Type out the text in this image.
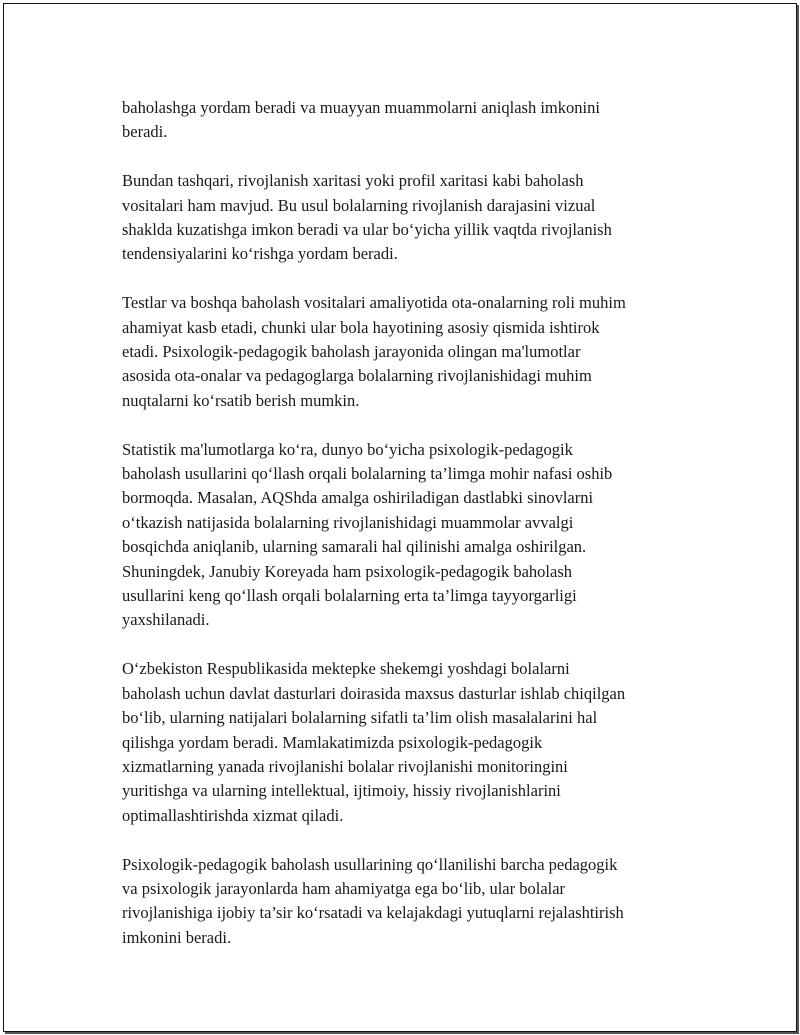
baholashga yordam beradi va muayyan muammolarni aniqlash imkonini
beradi.

Bundan tashqari, rivojlanish xaritasi yoki profil xaritasi kabi baholash
vositalari ham mavjud. Bu usul bolalarning rivojlanish darajasini vizual
shaklda kuzatishga imkon beradi va ular bo‘yicha yillik vaqtda rivojlanish
tendensiyalarini ko‘rishga yordam beradi.

Testlar va boshqa baholash vositalari amaliyotida ota-onalarning roli muhim
ahamiyat kasb etadi, chunki ular bola hayotining asosiy qismida ishtirok
etadi. Psixologik-pedagogik baholash jarayonida olingan ma'lumotlar
asosida ota-onalar va pedagoglarga bolalarning rivojlanishidagi muhim
nuqtalarni ko‘rsatib berish mumkin.

Statistik ma'lumotlarga ko‘ra, dunyo bo‘yicha psixologik-pedagogik
baholash usullarini qo‘llash orqali bolalarning ta’limga mohir nafasi oshib
bormoqda. Masalan, AQShda amalga oshiriladigan dastlabki sinovlarni
o‘tkazish natijasida bolalarning rivojlanishidagi muammolar avvalgi
bosqichda aniqlanib, ularning samarali hal qilinishi amalga oshirilgan.
Shuningdek, Janubiy Koreyada ham psixologik-pedagogik baholash
usullarini keng qo‘llash orqali bolalarning erta ta’limga tayyorgarligi
yaxshilanadi.

O‘zbekiston Respublikasida mektepke shekemgi yoshdagi bolalarni
baholash uchun davlat dasturlari doirasida maxsus dasturlar ishlab chiqilgan
bo‘lib, ularning natijalari bolalarning sifatli ta’lim olish masalalarini hal
qilishga yordam beradi. Mamlakatimizda psixologik-pedagogik
xizmatlarning yanada rivojlanishi bolalar rivojlanishi monitoringini
yuritishga va ularning intellektual, ijtimoiy, hissiy rivojlanishlarini
optimallashtirishda xizmat qiladi.

Psixologik-pedagogik baholash usullarining qo‘llanilishi barcha pedagogik
va psixologik jarayonlarda ham ahamiyatga ega bo‘lib, ular bolalar
rivojlanishiga ijobiy ta’sir ko‘rsatadi va kelajakdagi yutuqlarni rejalashtirish
imkonini beradi.
